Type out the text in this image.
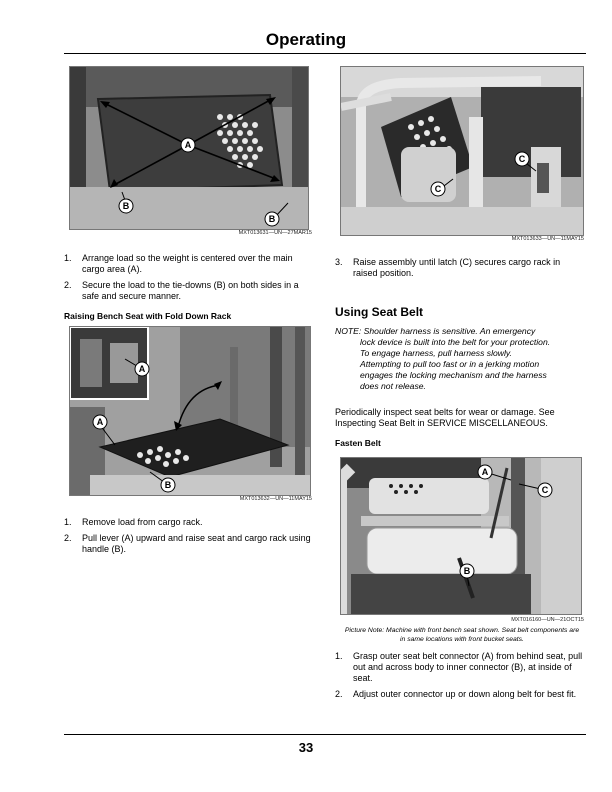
Operating
A
B
B
MXT013631—UN—27MAR15
1. Arrange load so the weight is centered over the main cargo area (A).
2. Secure the load to the tie-downs (B) on both sides in a safe and secure manner.
Raising Bench Seat with Fold Down Rack
A
A
B
MXT013632—UN—11MAY15
1. Remove load from cargo rack.
2. Pull lever (A) upward and raise seat and cargo rack using handle (B).
C
C
MXT013633—UN—11MAY15
3. Raise assembly until latch (C) secures cargo rack in raised position.
Using Seat Belt
NOTE: Shoulder harness is sensitive. An emergency
lock device is built into the belt for your protection.
To engage harness, pull harness slowly.
Attempting to pull too fast or in a jerking motion
engages the locking mechanism and the harness
does not release.
Periodically inspect seat belts for wear or damage. See Inspecting Seat Belt in SERVICE MISCELLANEOUS.
Fasten Belt
A
C
B
MXT016160—UN—21OCT15
Picture Note: Machine with front bench seat shown. Seat belt components are in same locations with front bucket seats.
1. Grasp outer seat belt connector (A) from behind seat, pull out and across body to inner connector (B), at inside of seat.
2. Adjust outer connector up or down along belt for best fit.
33
